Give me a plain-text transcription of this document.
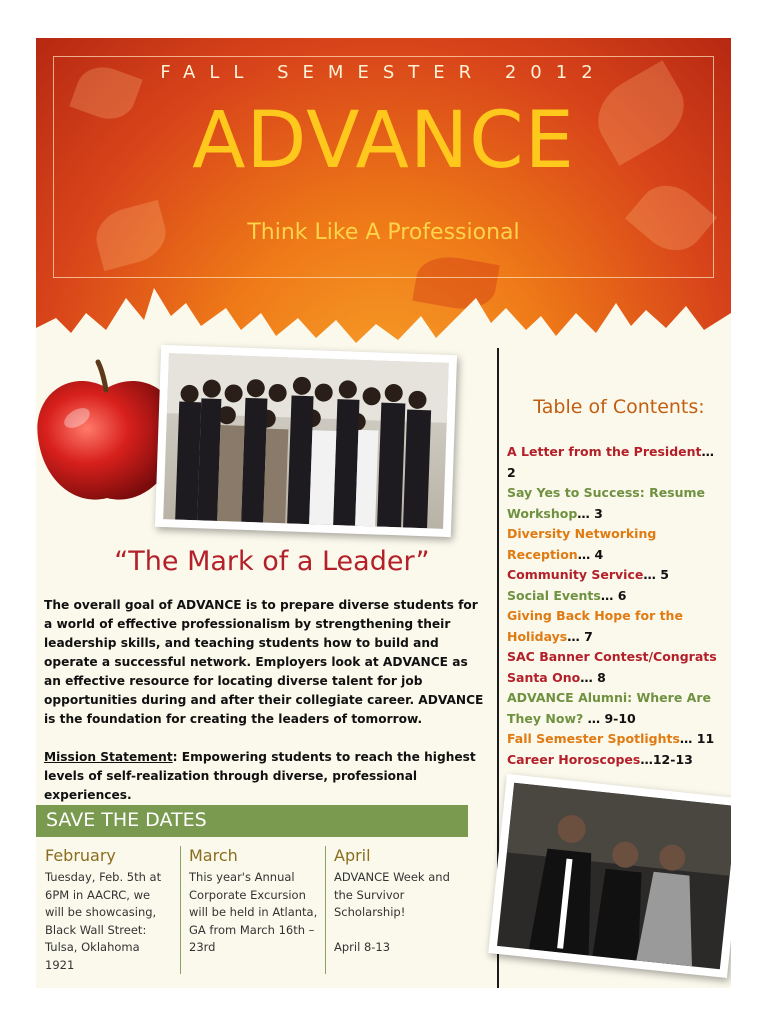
FALL SEMESTER 2012
ADVANCE
Think Like A Professional
“The Mark of a Leader”
The overall goal of ADVANCE is to prepare diverse students for a world of effective professionalism by strengthening their leadership skills, and teaching students how to build and operate a successful network. Employers look at ADVANCE as an effective resource for locating diverse talent for job opportunities during and after their collegiate career. ADVANCE is the foundation for creating the leaders of tomorrow.
Mission Statement: Empowering students to reach the highest levels of self-realization through diverse, professional experiences.
SAVE THE DATES
February

Tuesday, Feb. 5th at 6PM in AACRC, we will be showcasing, Black Wall Street: Tulsa, Oklahoma 1921

March

This year's Annual Corporate Excursion will be held in Atlanta, GA from March 16th – 23rd

April

ADVANCE Week and the Survivor Scholarship!

April 8-13

Table of Contents:
A Letter from the President… 2
Say Yes to Success: Resume Workshop… 3
Diversity Networking Reception… 4
Community Service… 5
Social Events… 6
Giving Back Hope for the Holidays… 7
SAC Banner Contest/Congrats Santa Ono… 8
ADVANCE Alumni: Where Are They Now? … 9-10
Fall Semester Spotlights… 11
Career Horoscopes…12-13
